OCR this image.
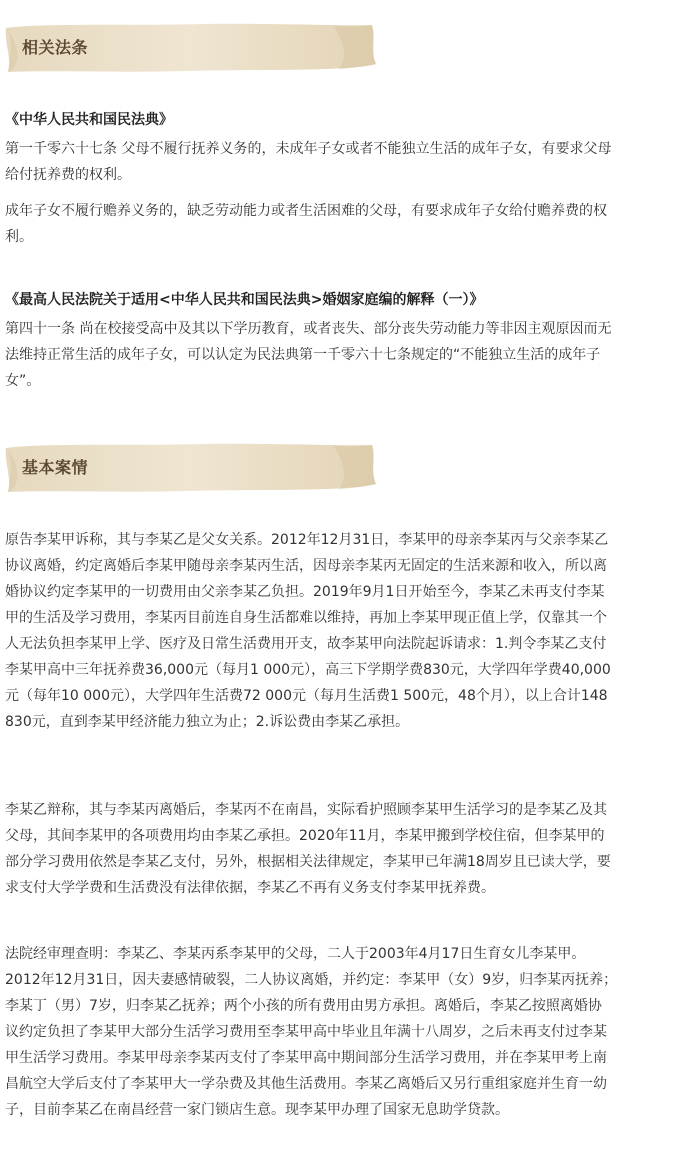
相关法条

《中华人民共和国民法典》

第一千零六十七条 父母不履行抚养义务的，未成年子女或者不能独立生活的成年子女，有要求父母
给付抚养费的权利。

成年子女不履行赡养义务的，缺乏劳动能力或者生活困难的父母，有要求成年子女给付赡养费的权
利。

《最高人民法院关于适用<中华人民共和国民法典>婚姻家庭编的解释（一）》

第四十一条 尚在校接受高中及其以下学历教育，或者丧失、部分丧失劳动能力等非因主观原因而无
法维持正常生活的成年子女，可以认定为民法典第一千零六十七条规定的“不能独立生活的成年子
女”。

基本案情

原告李某甲诉称，其与李某乙是父女关系。2012年12月31日，李某甲的母亲李某丙与父亲李某乙
协议离婚，约定离婚后李某甲随母亲李某丙生活，因母亲李某丙无固定的生活来源和收入，所以离
婚协议约定李某甲的一切费用由父亲李某乙负担。2019年9月1日开始至今，李某乙未再支付李某
甲的生活及学习费用，李某丙目前连自身生活都难以维持，再加上李某甲现正值上学，仅靠其一个
人无法负担李某甲上学、医疗及日常生活费用开支，故李某甲向法院起诉请求：1.判令李某乙支付
李某甲高中三年抚养费36,000元（每月1 000元），高三下学期学费830元，大学四年学费40,000
元（每年10 000元），大学四年生活费72 000元（每月生活费1 500元，48个月），以上合计148
830元，直到李某甲经济能力独立为止；2.诉讼费由李某乙承担。

李某乙辩称，其与李某丙离婚后，李某丙不在南昌，实际看护照顾李某甲生活学习的是李某乙及其
父母，其间李某甲的各项费用均由李某乙承担。2020年11月，李某甲搬到学校住宿，但李某甲的
部分学习费用依然是李某乙支付，另外，根据相关法律规定，李某甲已年满18周岁且已读大学，要
求支付大学学费和生活费没有法律依据，李某乙不再有义务支付李某甲抚养费。

法院经审理查明：李某乙、李某丙系李某甲的父母，二人于2003年4月17日生育女儿李某甲。
2012年12月31日，因夫妻感情破裂，二人协议离婚，并约定：李某甲（女）9岁，归李某丙抚养；
李某丁（男）7岁，归李某乙抚养；两个小孩的所有费用由男方承担。离婚后，李某乙按照离婚协
议约定负担了李某甲大部分生活学习费用至李某甲高中毕业且年满十八周岁，之后未再支付过李某
甲生活学习费用。李某甲母亲李某丙支付了李某甲高中期间部分生活学习费用，并在李某甲考上南
昌航空大学后支付了李某甲大一学杂费及其他生活费用。李某乙离婚后又另行重组家庭并生育一幼
子，目前李某乙在南昌经营一家门锁店生意。现李某甲办理了国家无息助学贷款。
